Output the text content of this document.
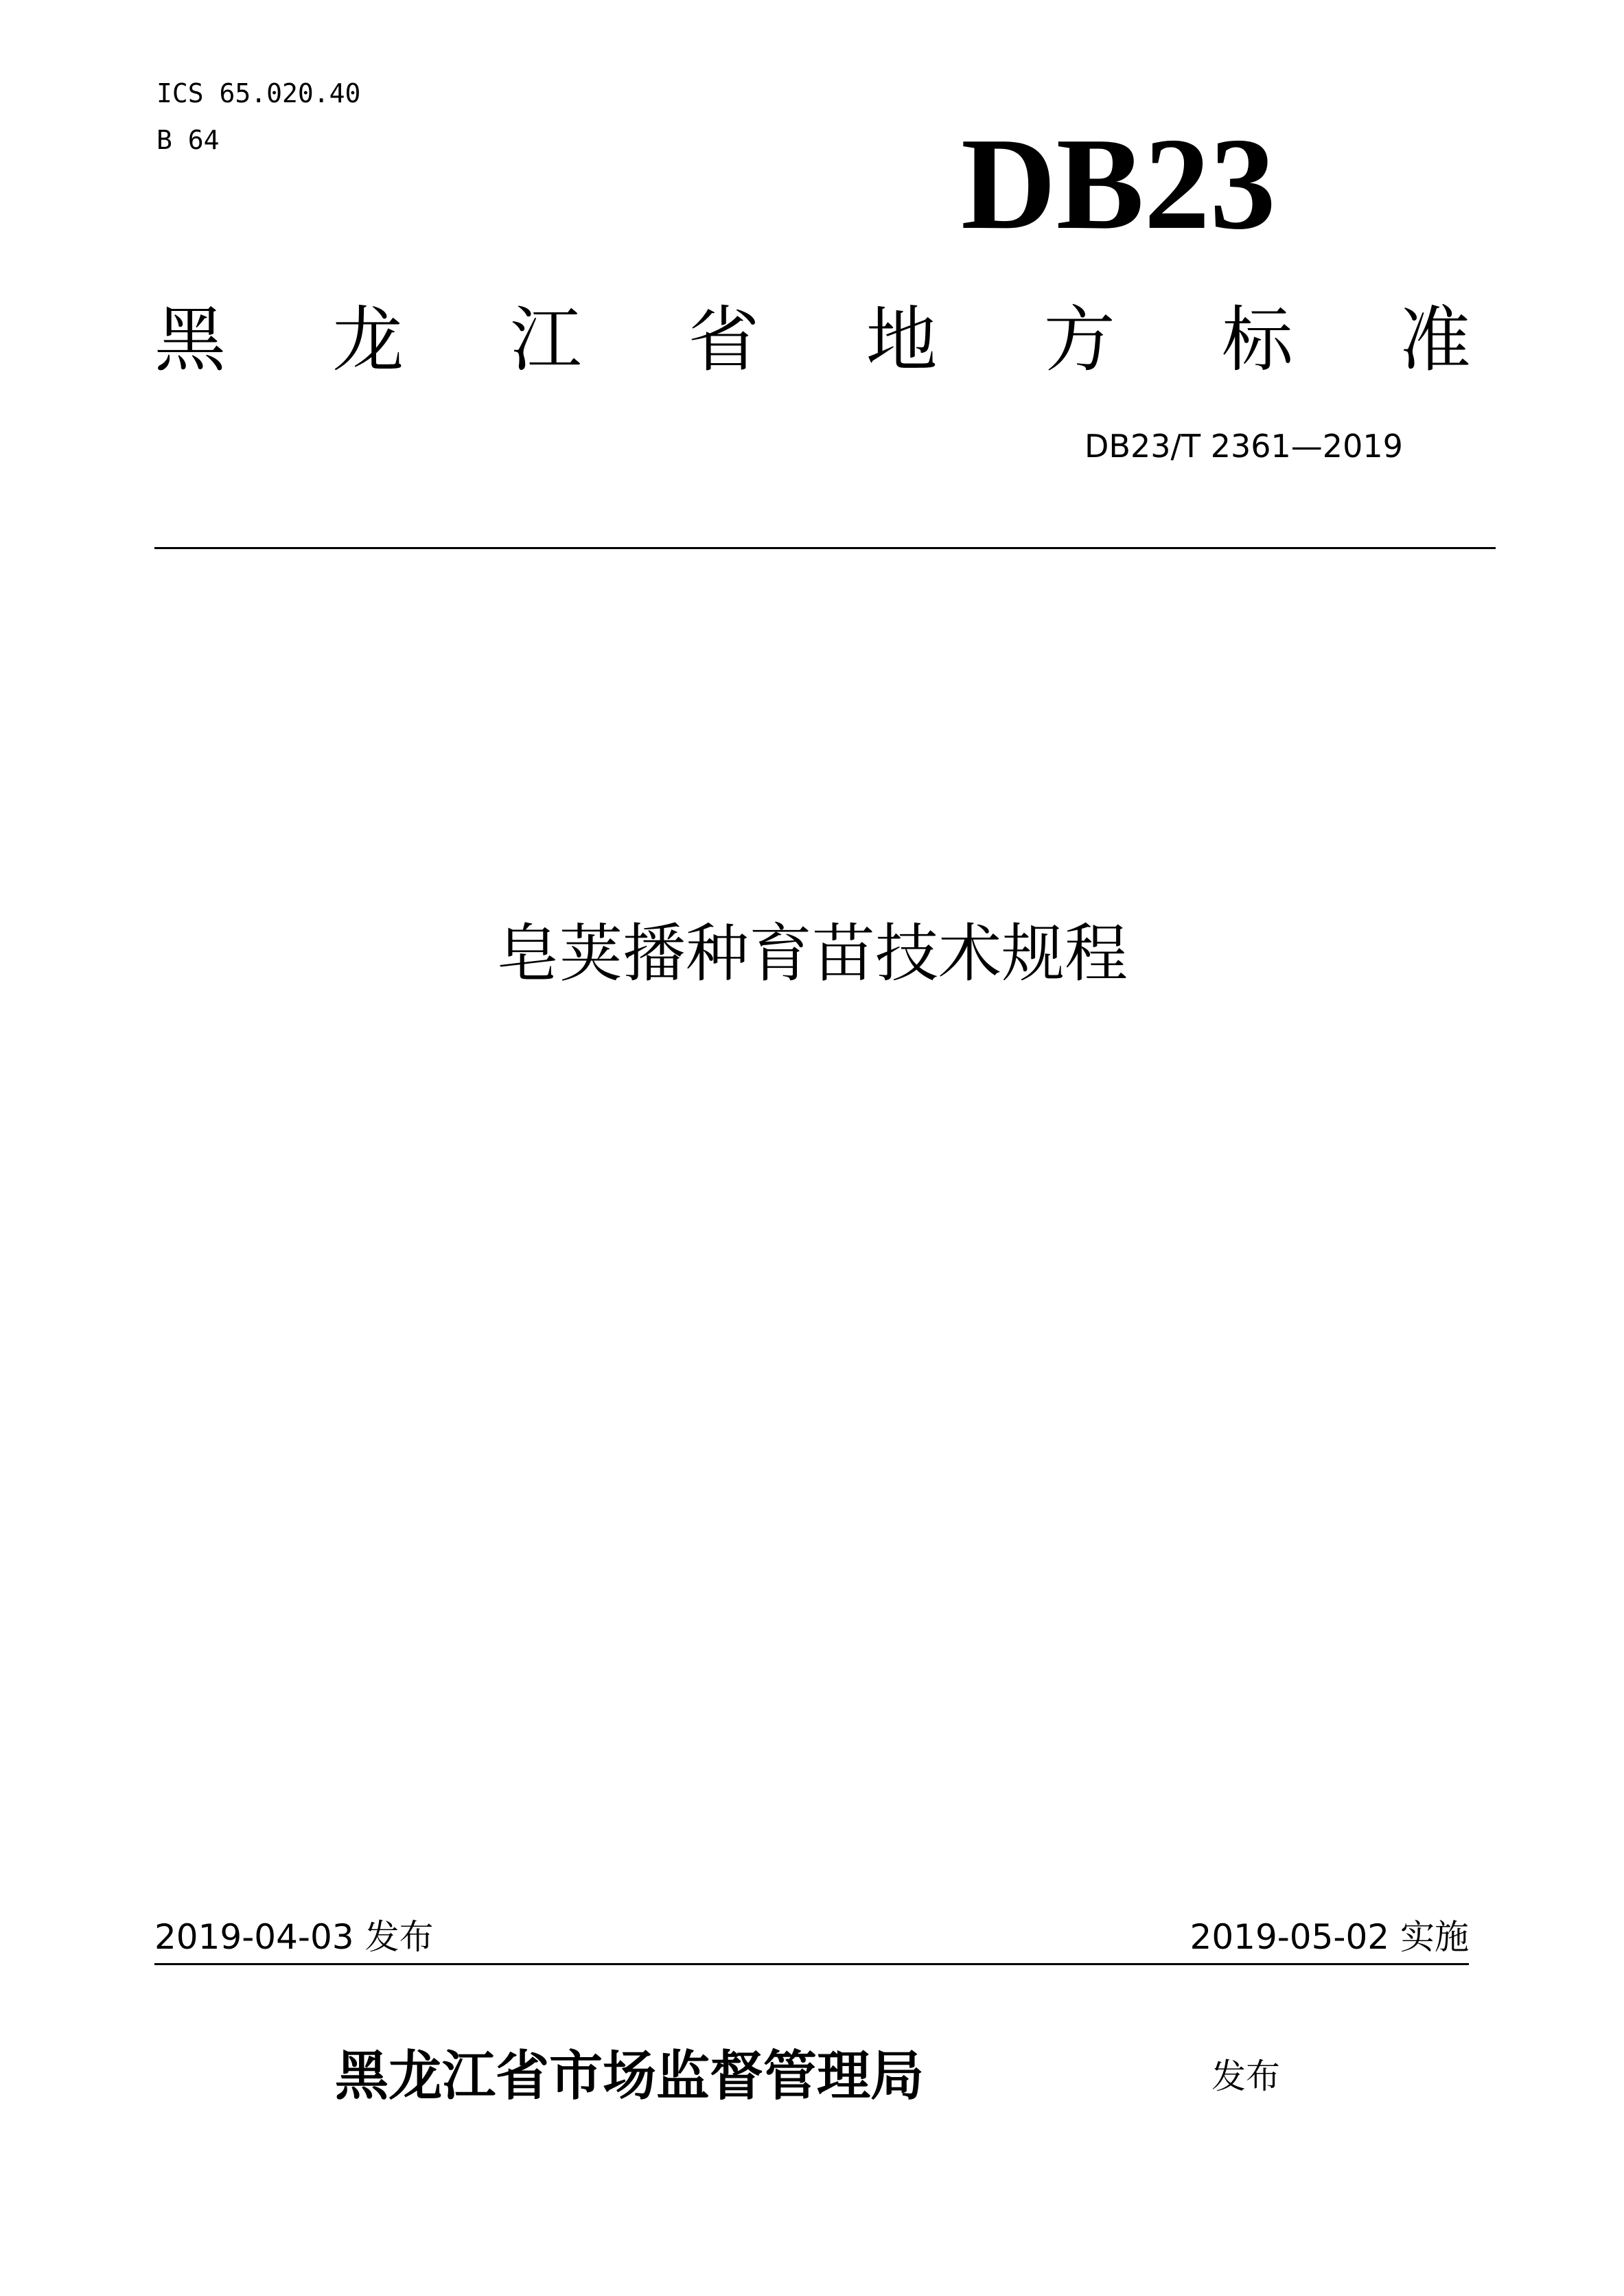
ICS 65.020.40
B 64	DB23
黑 龙 江 省 地 方 标 准
DB23/T 2361—2019
皂荚播种育苗技术规程
2019-04-03 发布	2019-05-02 实施
黑龙江省市场监督管理局	发布
